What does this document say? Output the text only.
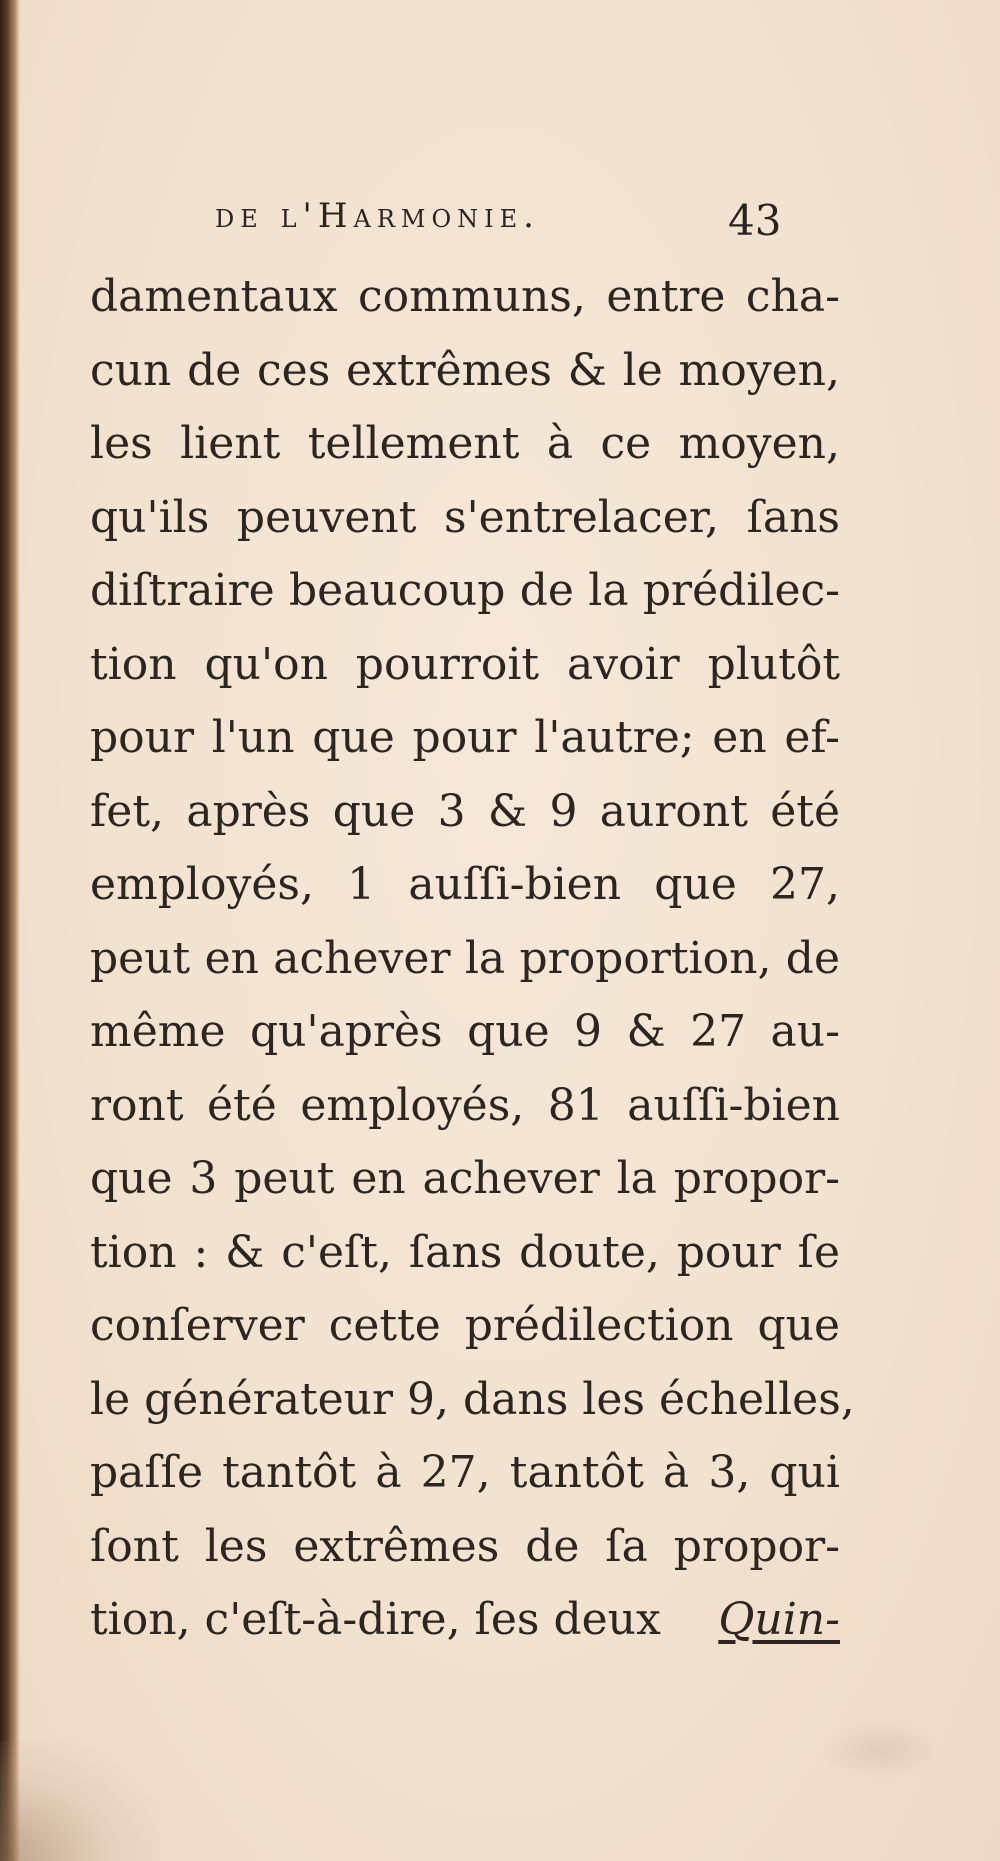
de l'Harmonie.	43
damentaux communs, entre cha-
cun de ces extrêmes & le moyen,
les lient tellement à ce moyen,
qu'ils peuvent s'entrelacer, ſans
diſtraire beaucoup de la prédilec-
tion qu'on pourroit avoir plutôt
pour l'un que pour l'autre; en ef-
fet, après que 3 & 9 auront été
employés, 1 auſſi-bien que 27,
peut en achever la proportion, de
même qu'après que 9 & 27 au-
ront été employés, 81 auſſi-bien
que 3 peut en achever la propor-
tion : & c'eſt, ſans doute, pour ſe
conſerver cette prédilection que
le générateur 9, dans les échelles,
paſſe tantôt à 27, tantôt à 3, qui
ſont les extrêmes de ſa propor-
tion, c'eſt-à-dire, ſes deux Quin-
